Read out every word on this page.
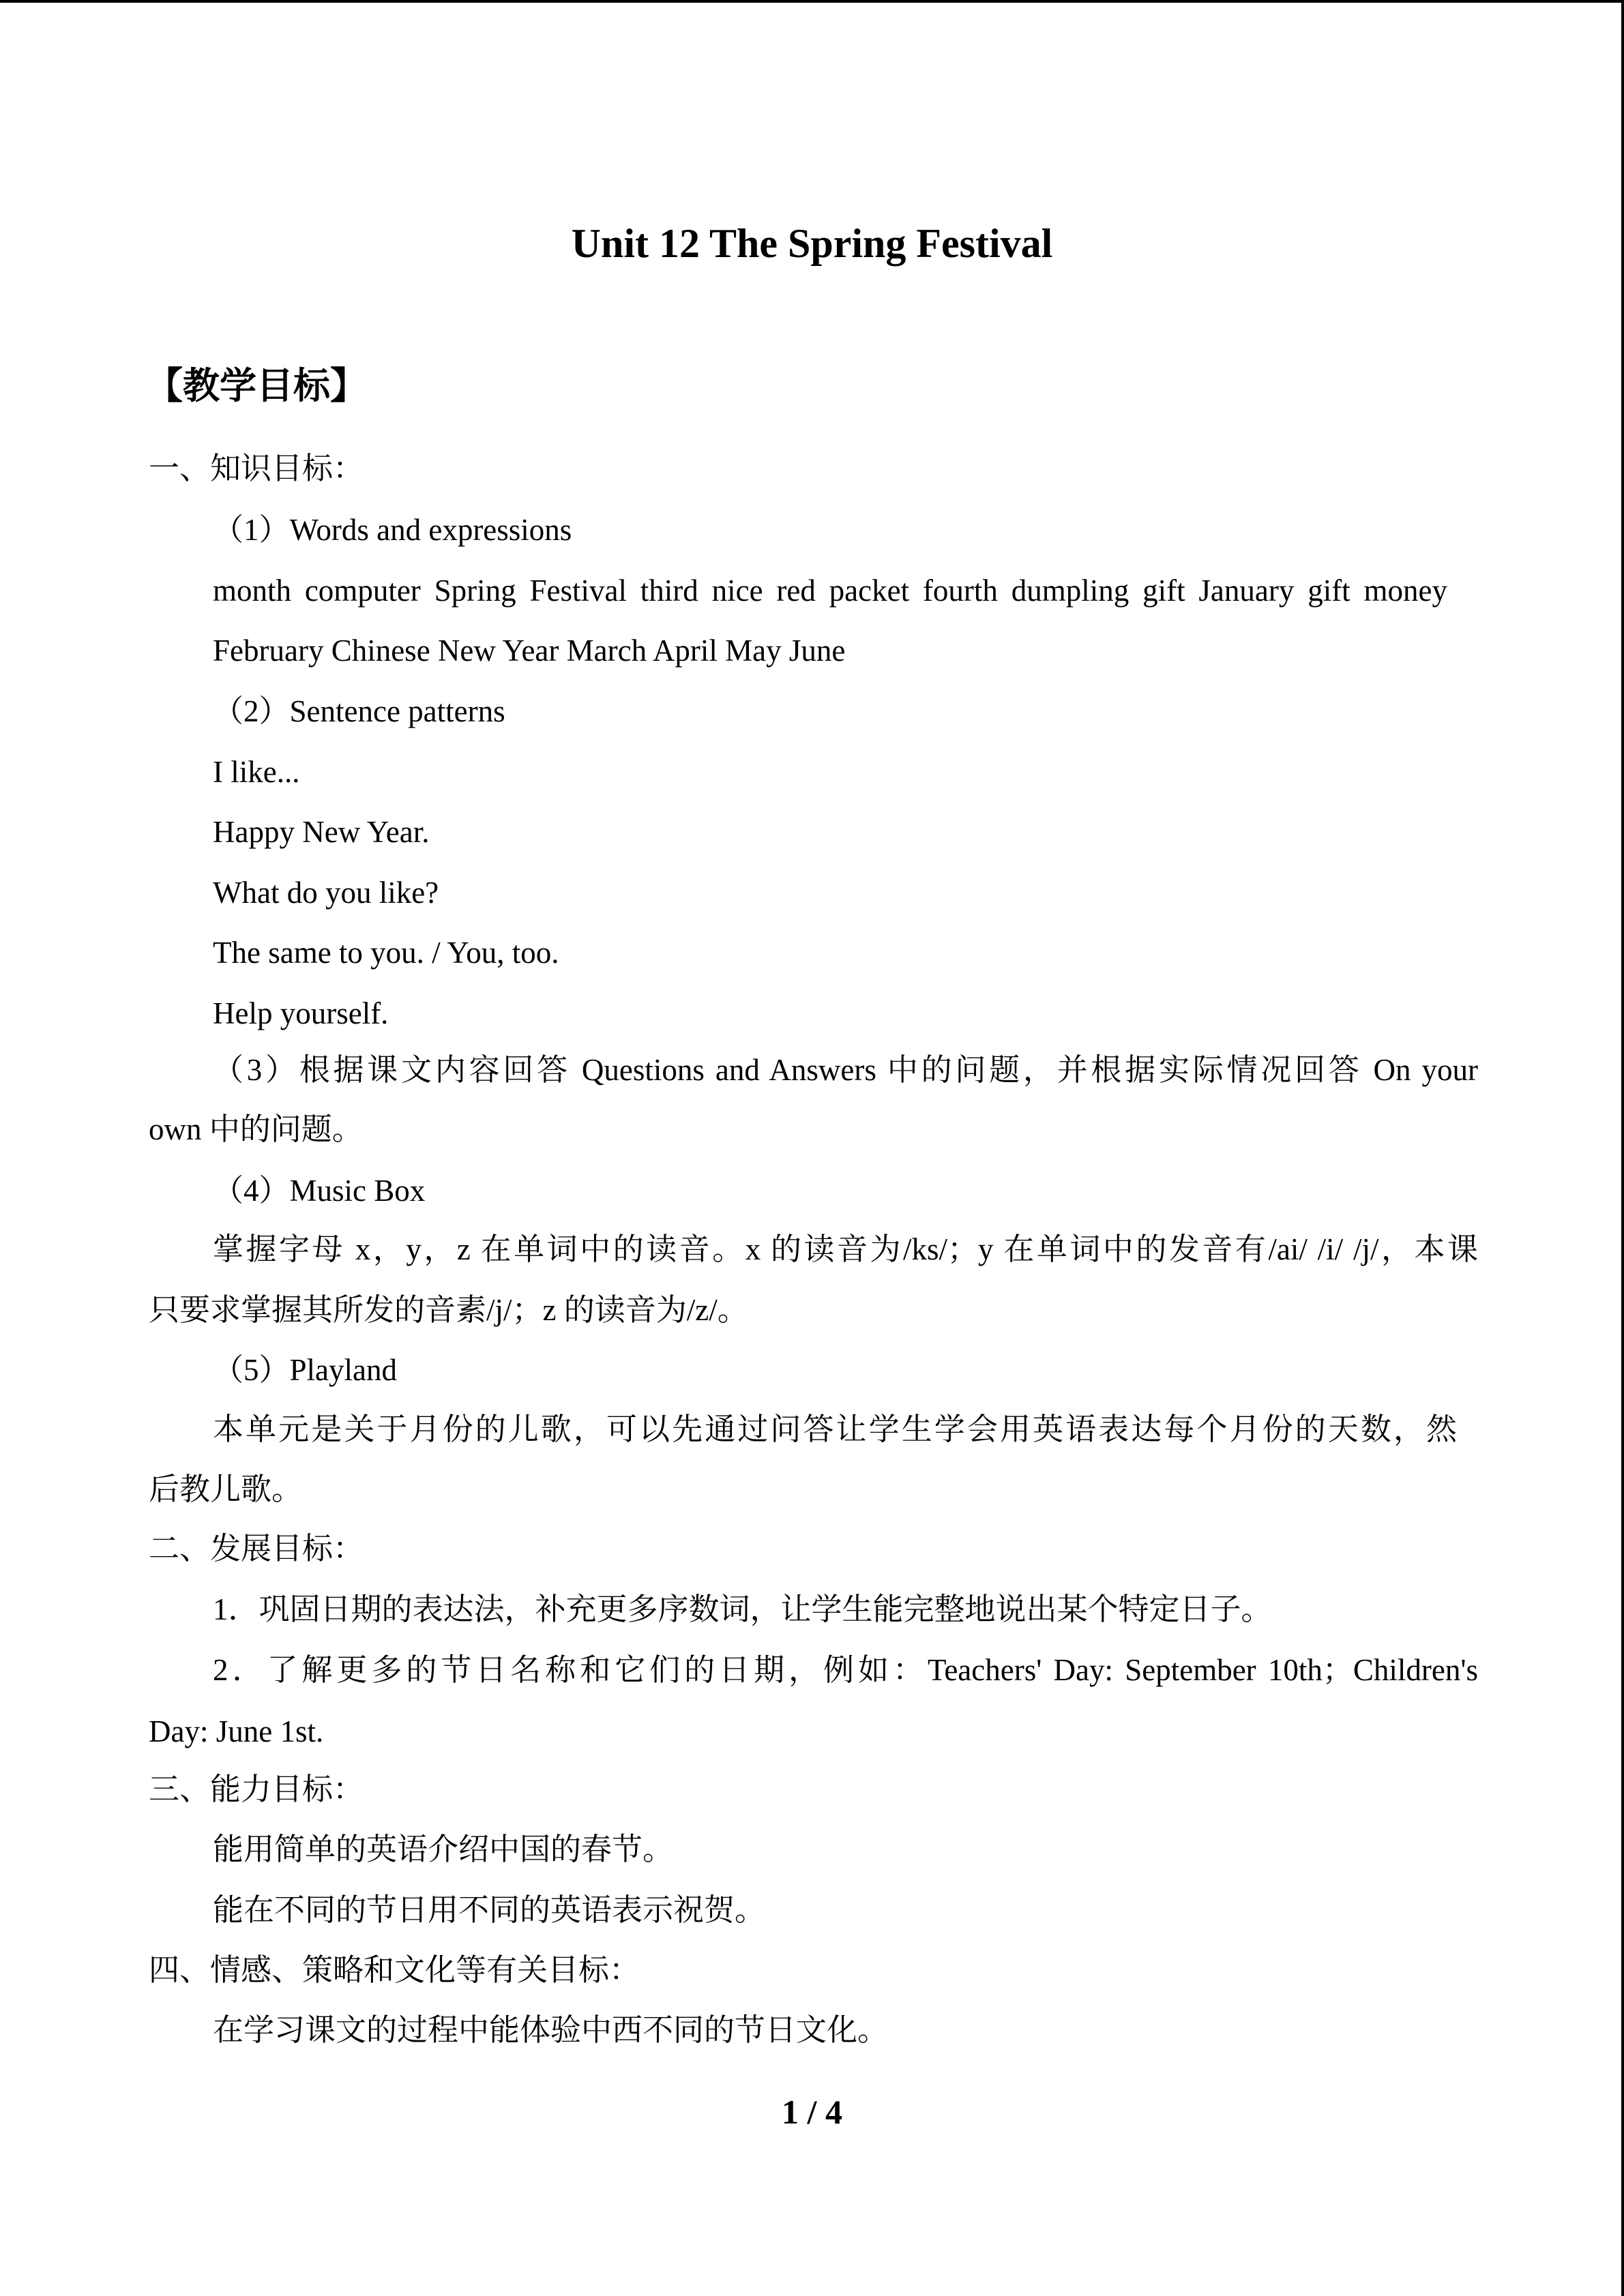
Unit 12 The Spring Festival
【教学目标】
一、知识目标：
（1）Words and expressions
month computer Spring Festival third nice red packet fourth dumpling gift January gift money
February Chinese New Year March April May June
（2）Sentence patterns
I like...
Happy New Year.
What do you like?
The same to you. / You, too.
Help yourself.
（3）根据课文内容回答 Questions and Answers 中的问题，并根据实际情况回答 On your
own 中的问题。
（4）Music Box
掌握字母 x，y，z 在单词中的读音。x 的读音为/ks/；y 在单词中的发音有/ai/ /i/ /j/，本课
只要求掌握其所发的音素/j/；z 的读音为/z/。
（5）Playland
本单元是关于月份的儿歌，可以先通过问答让学生学会用英语表达每个月份的天数，然
后教儿歌。
二、发展目标：
1．巩固日期的表达法，补充更多序数词，让学生能完整地说出某个特定日子。
2．了解更多的节日名称和它们的日期，例如：Teachers' Day: September 10th；Children's
Day: June 1st.
三、能力目标：
能用简单的英语介绍中国的春节。
能在不同的节日用不同的英语表示祝贺。
四、情感、策略和文化等有关目标：
在学习课文的过程中能体验中西不同的节日文化。
1 / 4
